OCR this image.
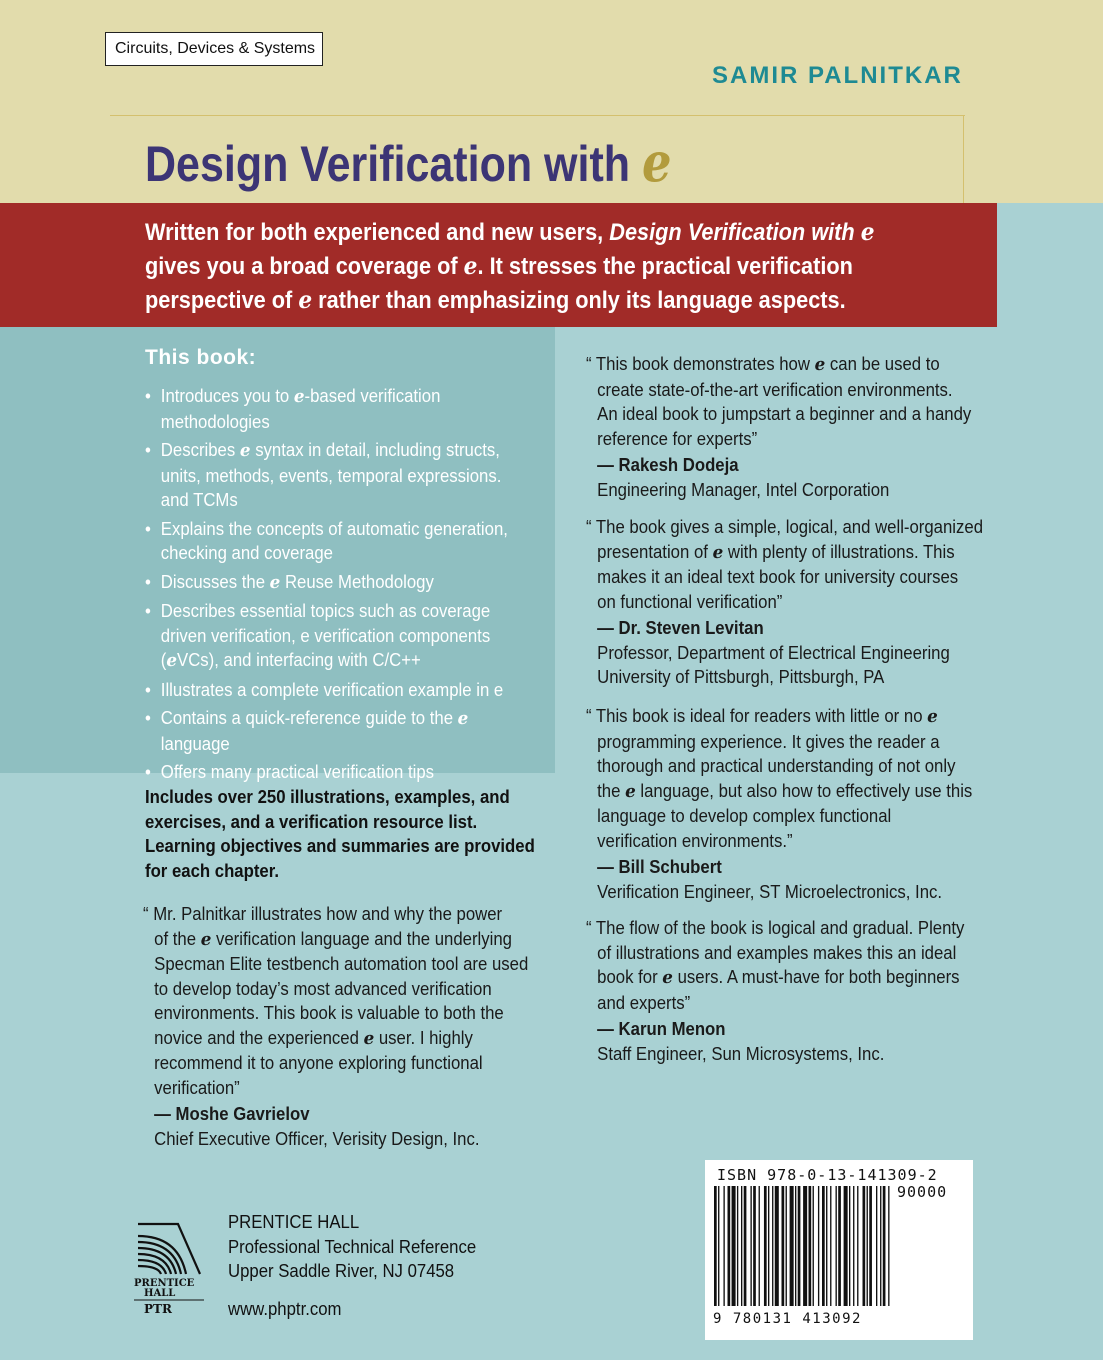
Circuits, Devices & Systems
SAMIR PALNITKAR
Design Verification with e
Written for both experienced and new users, Design Verification with e
gives you a broad coverage of e. It stresses the practical verification
perspective of e rather than emphasizing only its language aspects.
This book:
• Introduces you to e-based verification
methodologies
• Describes e syntax in detail, including structs,
units, methods, events, temporal expressions.
and TCMs
• Explains the concepts of automatic generation,
checking and coverage
• Discusses the e Reuse Methodology
• Describes essential topics such as coverage
driven verification, e verification components
(eVCs), and interfacing with C/C++
• Illustrates a complete verification example in e
• Contains a quick-reference guide to the e language
• Offers many practical verification tips
Includes over 250 illustrations, examples, and
exercises, and a verification resource list.
Learning objectives and summaries are provided
for each chapter.
“ Mr. Palnitkar illustrates how and why the power
of the e verification language and the underlying
Specman Elite testbench automation tool are used
to develop today’s most advanced verification
environments. This book is valuable to both the
novice and the experienced e user. I highly
recommend it to anyone exploring functional
verification”
— Moshe Gavrielov
Chief Executive Officer, Verisity Design, Inc.
“ This book demonstrates how e can be used to
create state-of-the-art verification environments.
An ideal book to jumpstart a beginner and a handy
reference for experts”
— Rakesh Dodeja
Engineering Manager, Intel Corporation
“ The book gives a simple, logical, and well-organized
presentation of e with plenty of illustrations. This
makes it an ideal text book for university courses
on functional verification”
— Dr. Steven Levitan
Professor, Department of Electrical Engineering
University of Pittsburgh, Pittsburgh, PA
“ This book is ideal for readers with little or no e
programming experience. It gives the reader a
thorough and practical understanding of not only
the e language, but also how to effectively use this
language to develop complex functional
verification environments.”
— Bill Schubert
Verification Engineer, ST Microelectronics, Inc.
“ The flow of the book is logical and gradual. Plenty
of illustrations and examples makes this an ideal
book for e users. A must-have for both beginners
and experts”
— Karun Menon
Staff Engineer, Sun Microsystems, Inc.
PRENTICE
HALL
PTR
PRENTICE HALL
Professional Technical Reference
Upper Saddle River, NJ 07458
www.phptr.com
ISBN 978-0-13-141309-2
90000
9 780131 413092
